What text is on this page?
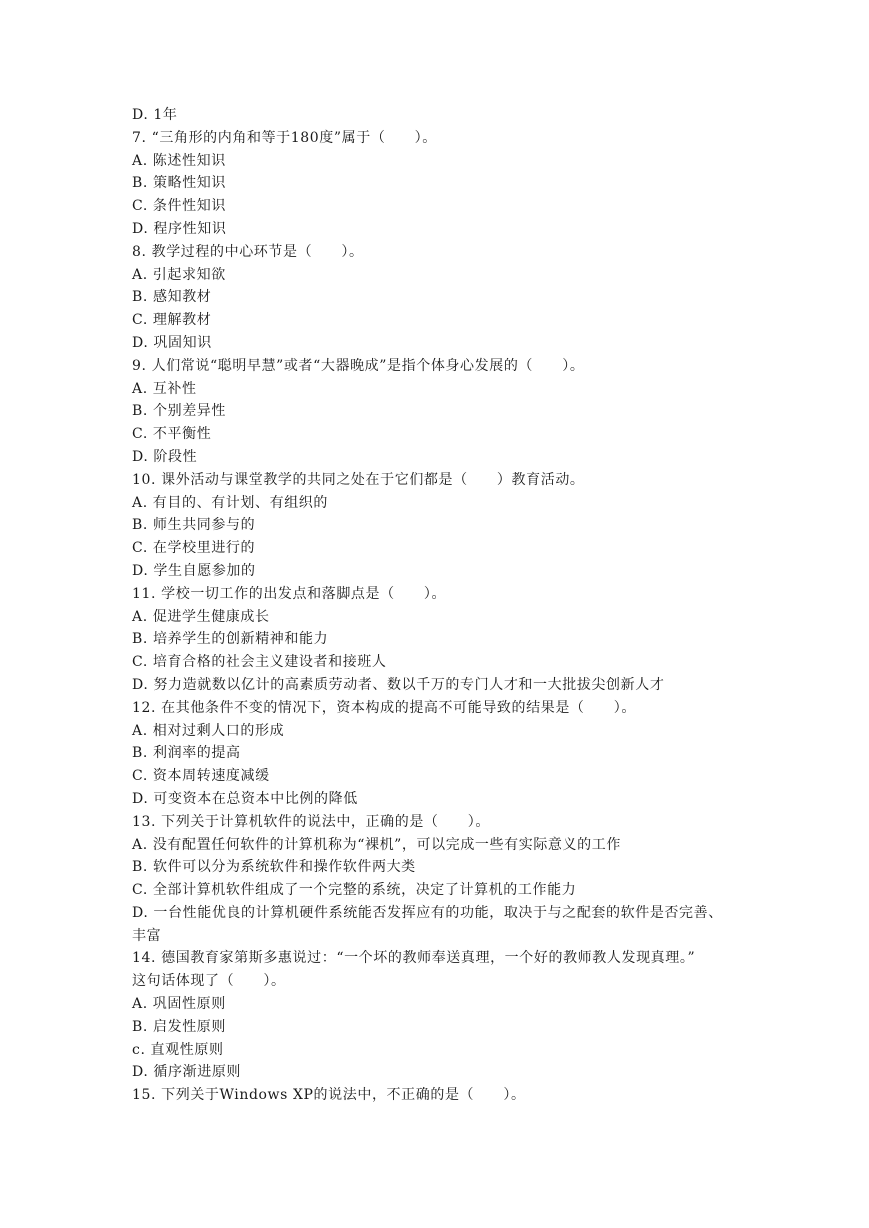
D. 1年
7. “三角形的内角和等于180度”属于（　　）。
A. 陈述性知识
B. 策略性知识
C. 条件性知识
D. 程序性知识
8. 教学过程的中心环节是（　　）。
A. 引起求知欲
B. 感知教材
C. 理解教材
D. 巩固知识
9. 人们常说“聪明早慧”或者“大器晚成”是指个体身心发展的（　　）。
A. 互补性
B. 个别差异性
C. 不平衡性
D. 阶段性
10. 课外活动与课堂教学的共同之处在于它们都是（　　）教育活动。
A. 有目的、有计划、有组织的
B. 师生共同参与的
C. 在学校里进行的
D. 学生自愿参加的
11. 学校一切工作的出发点和落脚点是（　　）。
A. 促进学生健康成长
B. 培养学生的创新精神和能力
C. 培育合格的社会主义建设者和接班人
D. 努力造就数以亿计的高素质劳动者、数以千万的专门人才和一大批拔尖创新人才
12. 在其他条件不变的情况下，资本构成的提高不可能导致的结果是（　　）。
A. 相对过剩人口的形成
B. 利润率的提高
C. 资本周转速度减缓
D. 可变资本在总资本中比例的降低
13. 下列关于计算机软件的说法中，正确的是（　　）。
A. 没有配置任何软件的计算机称为“裸机”，可以完成一些有实际意义的工作
B. 软件可以分为系统软件和操作软件两大类
C. 全部计算机软件组成了一个完整的系统，决定了计算机的工作能力
D. 一台性能优良的计算机硬件系统能否发挥应有的功能，取决于与之配套的软件是否完善、
丰富
14. 德国教育家第斯多惠说过：“一个坏的教师奉送真理，一个好的教师教人发现真理。”
这句话体现了（　　）。
A. 巩固性原则
B. 启发性原则
c. 直观性原则
D. 循序渐进原则
15. 下列关于Windows XP的说法中，不正确的是（　　）。
